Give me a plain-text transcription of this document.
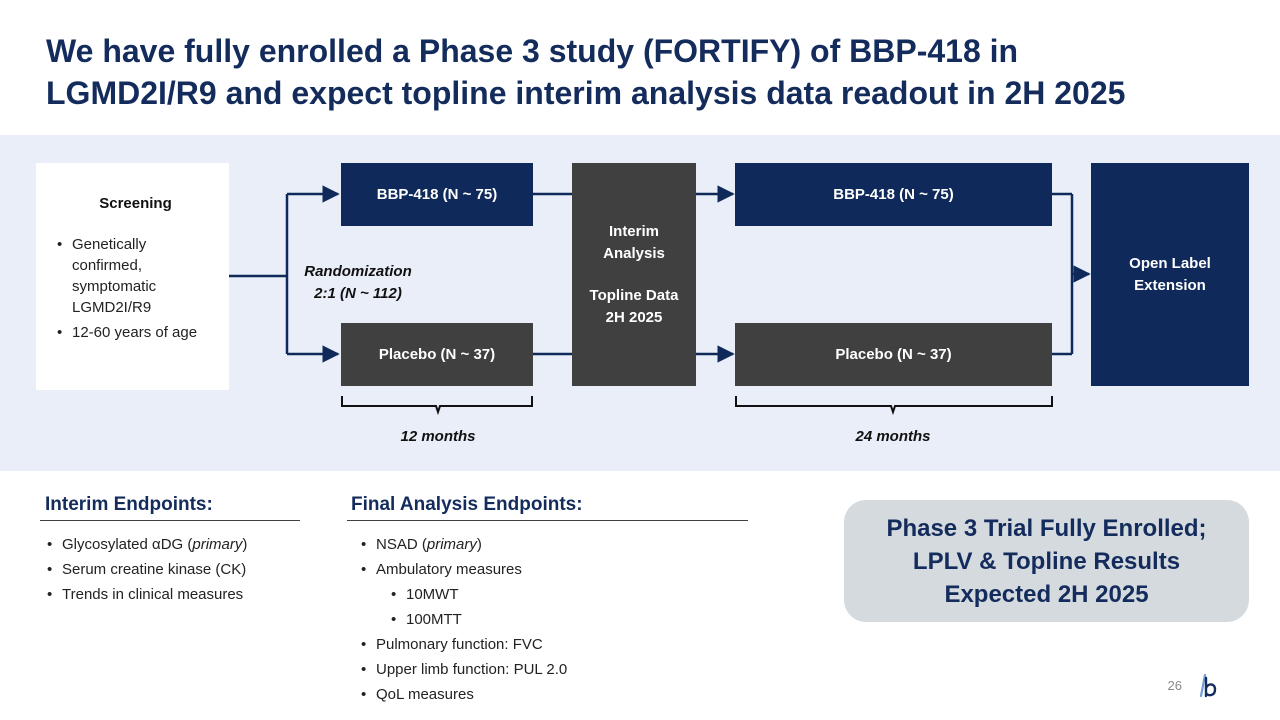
We have fully enrolled a Phase 3 study (FORTIFY) of BBP-418 in
LGMD2I/R9 and expect topline interim analysis data readout in 2H 2025
Screening
• Genetically confirmed, symptomatic LGMD2I/R9
• 12-60 years of age
Randomization
2:1 (N ~ 112)
BBP-418 (N ~ 75)
Placebo (N ~ 37)
Interim
Analysis
Topline Data
2H 2025
BBP-418 (N ~ 75)
Placebo (N ~ 37)
Open Label
Extension
12 months	24 months
Interim Endpoints:
• Glycosylated αDG (primary)
• Serum creatine kinase (CK)
• Trends in clinical measures
Final Analysis Endpoints:
• NSAD (primary)
• Ambulatory measures
• 10MWT
• 100MTT
• Pulmonary function: FVC
• Upper limb function: PUL 2.0
• QoL measures
Phase 3 Trial Fully Enrolled;
LPLV & Topline Results
Expected 2H 2025
26
